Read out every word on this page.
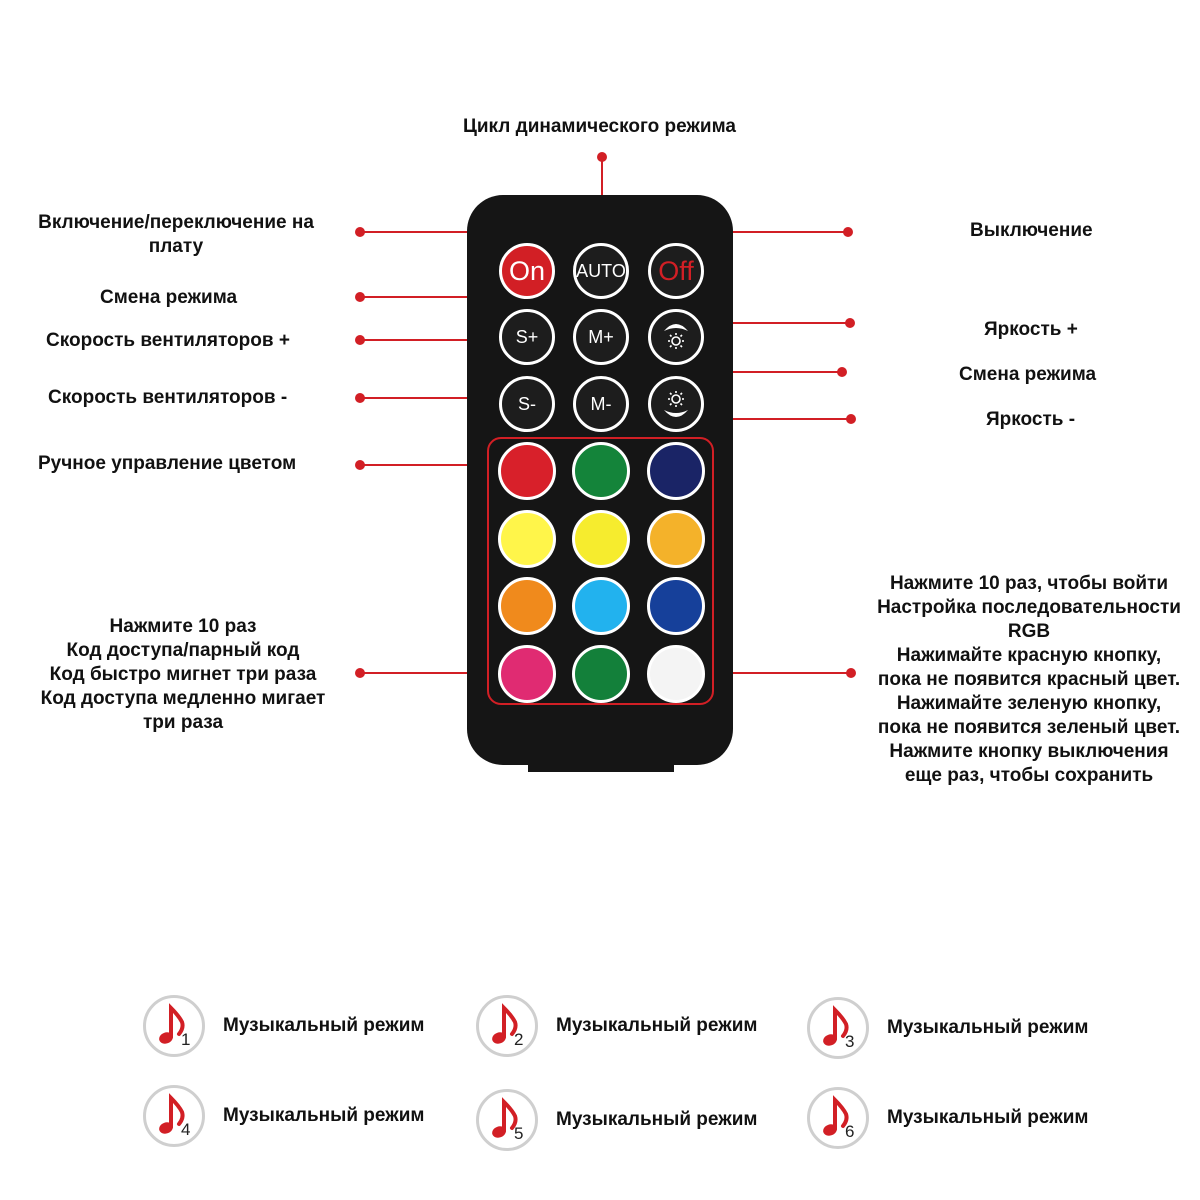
On AUTO Off
S+	M+
S-	M-
Цикл динамического режима
Включение/переключение на
плату
Выключение
Смена режима
Скорость вентиляторов +
Яркость +
Смена режима
Скорость вентиляторов -
Яркость -
Ручное управление цветом
Нажмите 10 раз
Код доступа/парный код
Код быстро мигнет три раза
Код доступа медленно мигает
три раза
Нажмите 10 раз, чтобы войти
Настройка последовательности
RGB
Нажимайте красную кнопку,
пока не появится красный цвет.
Нажимайте зеленую кнопку,
пока не появится зеленый цвет.
Нажмите кнопку выключения
еще раз, чтобы сохранить
1
Музыкальный режим
2
Музыкальный режим
3
Музыкальный режим
4
Музыкальный режим
5
Музыкальный режим
6
Музыкальный режим
